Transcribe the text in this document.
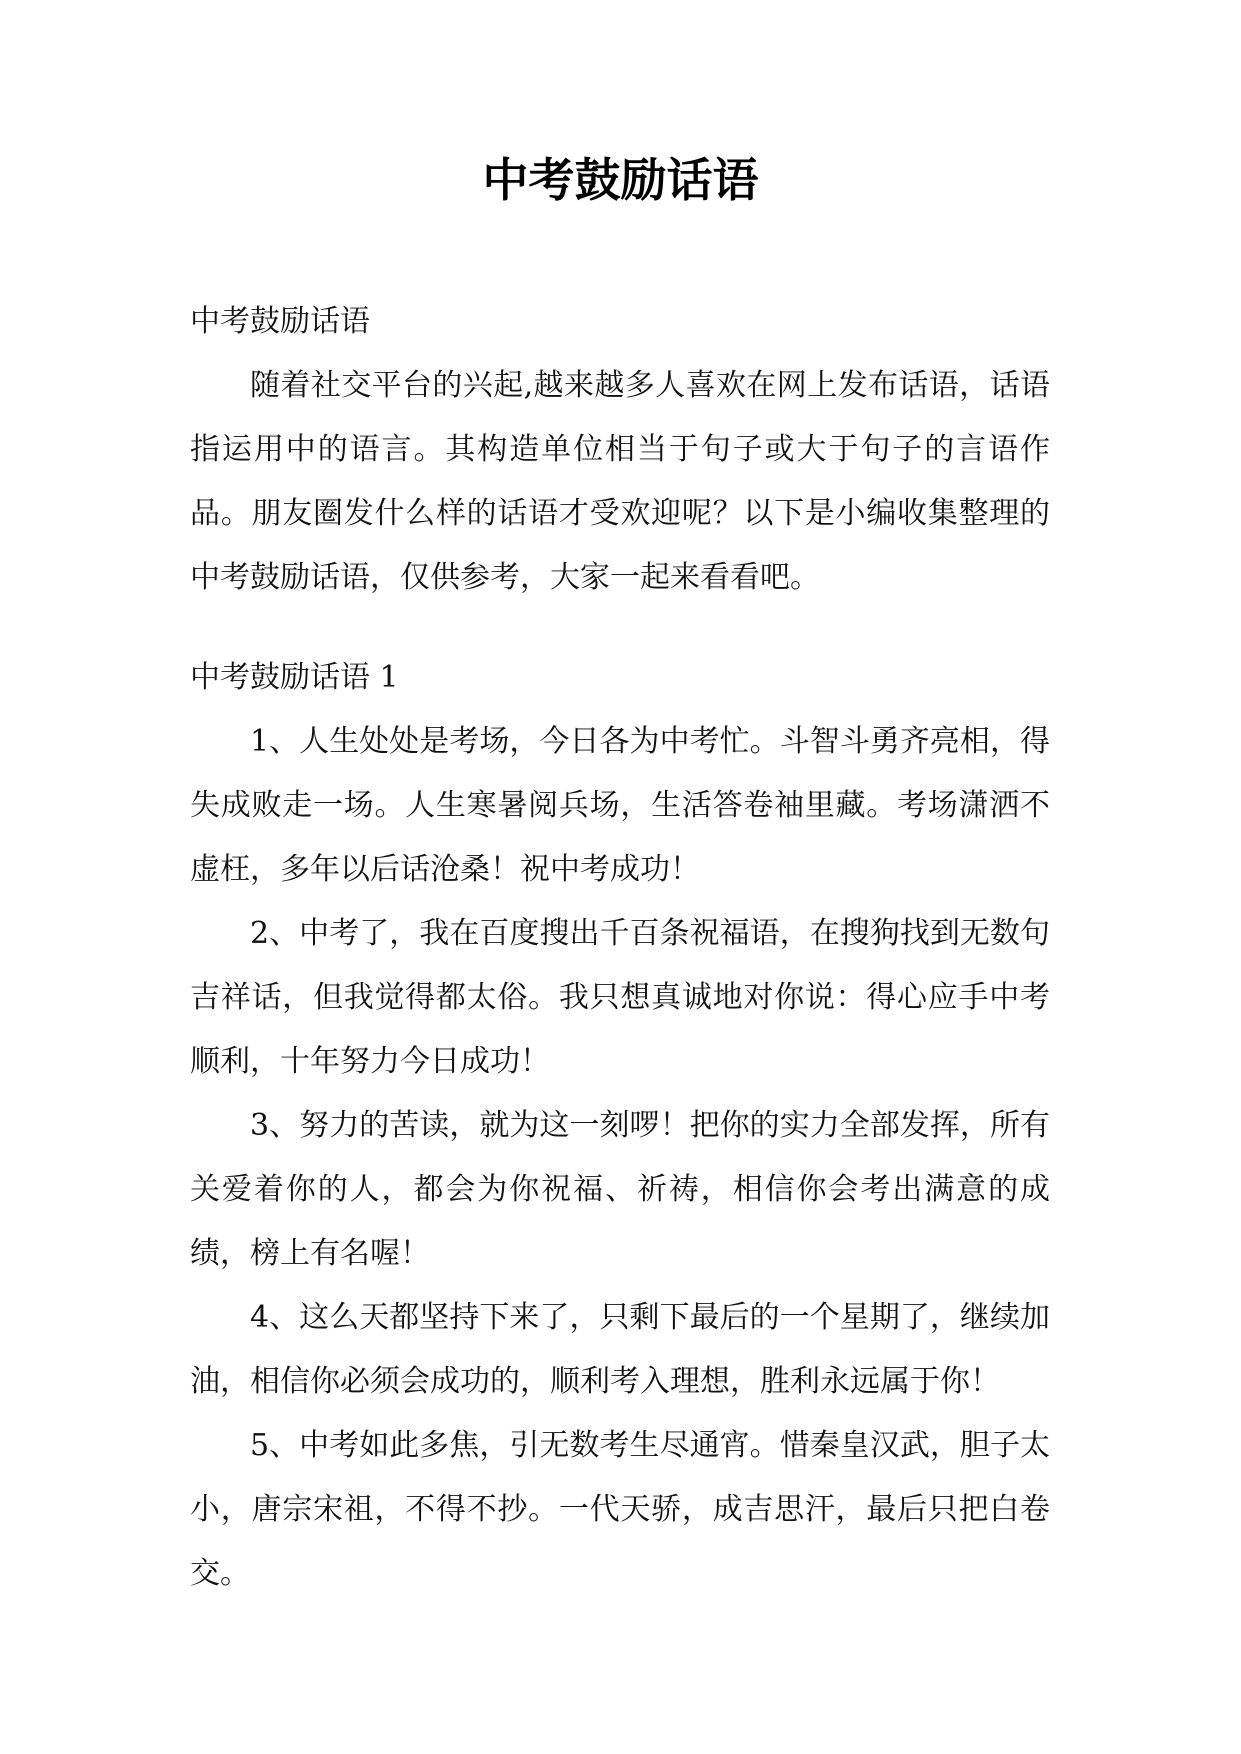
中考鼓励话语

中考鼓励话语

随着社交平台的兴起,越来越多人喜欢在网上发布话语，话语指运用中的语言。其构造单位相当于句子或大于句子的言语作品。朋友圈发什么样的话语才受欢迎呢？以下是小编收集整理的中考鼓励话语，仅供参考，大家一起来看看吧。

中考鼓励话语 1

1、人生处处是考场，今日各为中考忙。斗智斗勇齐亮相，得失成败走一场。人生寒暑阅兵场，生活答卷袖里藏。考场潇洒不虚枉，多年以后话沧桑！祝中考成功！

2、中考了，我在百度搜出千百条祝福语，在搜狗找到无数句吉祥话，但我觉得都太俗。我只想真诚地对你说：得心应手中考顺利，十年努力今日成功！

3、努力的苦读，就为这一刻啰！把你的实力全部发挥，所有关爱着你的人，都会为你祝福、祈祷，相信你会考出满意的成绩，榜上有名喔！

4、这么天都坚持下来了，只剩下最后的一个星期了，继续加油，相信你必须会成功的，顺利考入理想，胜利永远属于你！

5、中考如此多焦，引无数考生尽通宵。惜秦皇汉武，胆子太小，唐宗宋祖，不得不抄。一代天骄，成吉思汗，最后只把白卷交。
